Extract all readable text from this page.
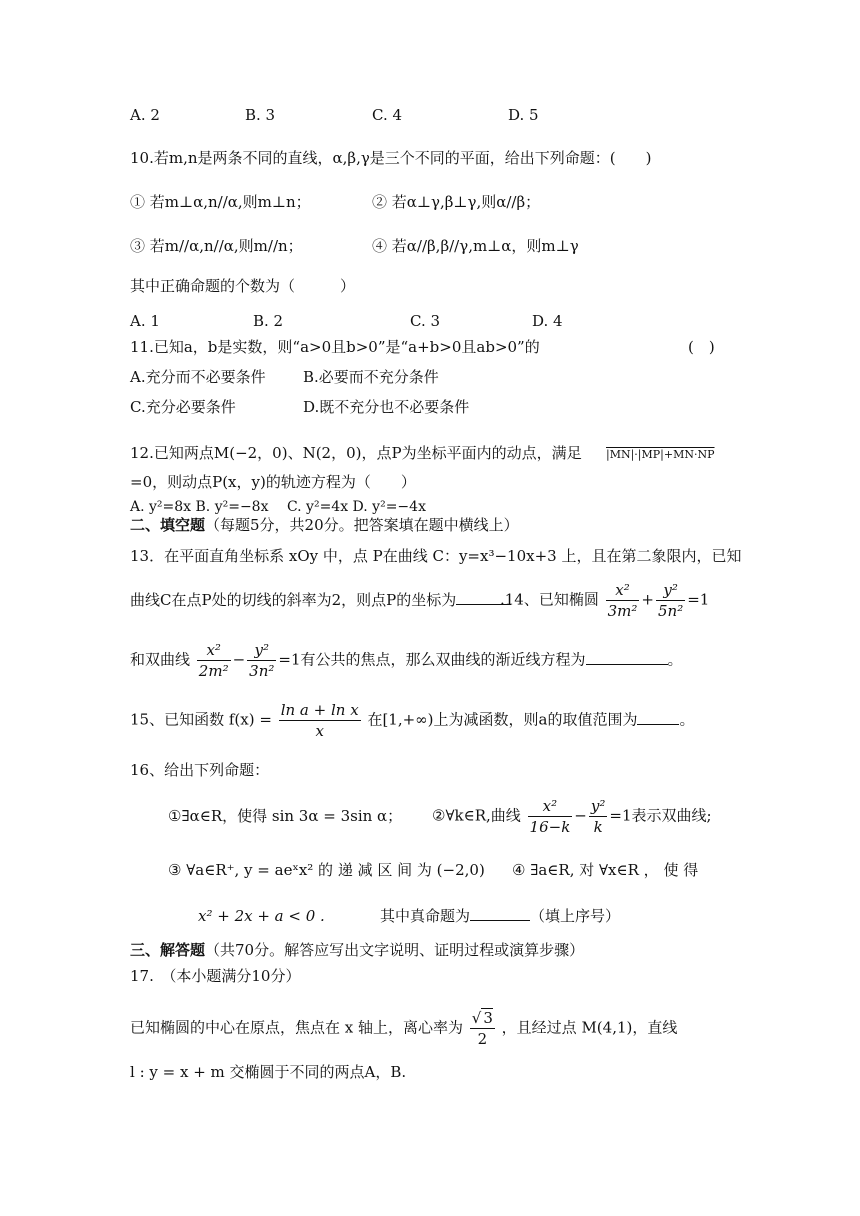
A. 2	B. 3	C. 4	D. 5
10.若m,n是两条不同的直线，α,β,γ是三个不同的平面，给出下列命题：(　　)
① 若m⊥α,n//α,则m⊥n；	② 若α⊥γ,β⊥γ,则α//β；
③ 若m//α,n//α,则m//n；	④ 若α//β,β//γ,m⊥α，则m⊥γ
其中正确命题的个数为（　　　）
A. 1	B. 2	C. 3	D. 4
11.已知a，b是实数，则“a>0且b>0”是“a+b>0且ab>0”的	(　)
A.充分而不必要条件 B.必要而不充分条件
C.充分必要条件	D.既不充分也不必要条件
12.已知两点M(−2，0)、N(2，0)，点P为坐标平面内的动点，满足 |MN|·|MP|+MN·NP
=0，则动点P(x，y)的轨迹方程为（　　）
A. y²=8x B. y²=−8x　 C. y²=4x D. y²=−4x
二、填空题（每题5分，共20分。把答案填在题中横线上）
13．在平面直角坐标系 xOy 中，点 P在曲线 C：y=x³−10x+3 上，且在第二象限内，已知
曲线C在点P处的切线的斜率为2，则点P的坐标为	.14、已知椭圆 $\frac{\text{x²}}{\text{3m²}} + \frac{\text{y²}}{\text{5n²}} =1$
和双曲线 $\frac{\text{x²}}{\text{2m²}} - \frac{\text{y²}}{\text{3n²}} =1$有公共的焦点，那么双曲线的渐近线方程为	。
15、已知函数 $f(x) = \frac{\text{ln a + ln x}}{x}$ 在[1,+∞)上为减函数，则a的取值范围为	。
16、给出下列命题：
①∃α∈R，使得 sin 3α = 3sin α； ②∀k∈R,曲线 $\frac{\text{x²}}{16-k} - \frac{\text{y²}}{k} =1$表示双曲线;
③ ∀a∈R⁺, y = aeˣx² 的 递 减 区 间 为 (−2,0) ④ ∃a∈R, 对 ∀x∈R ， 使 得
x² + 2x + a < 0 .	其中真命题为	（填上序号）
三、解答题（共70分。解答应写出文字说明、证明过程或演算步骤）
17.　（本小题满分10分）
已知椭圆的中心在原点，焦点在 x 轴上，离心率为 $\frac{√ 3}{2}$ ，且经过点 M(4,1)，直线
l : y = x + m 交椭圆于不同的两点A，B.
